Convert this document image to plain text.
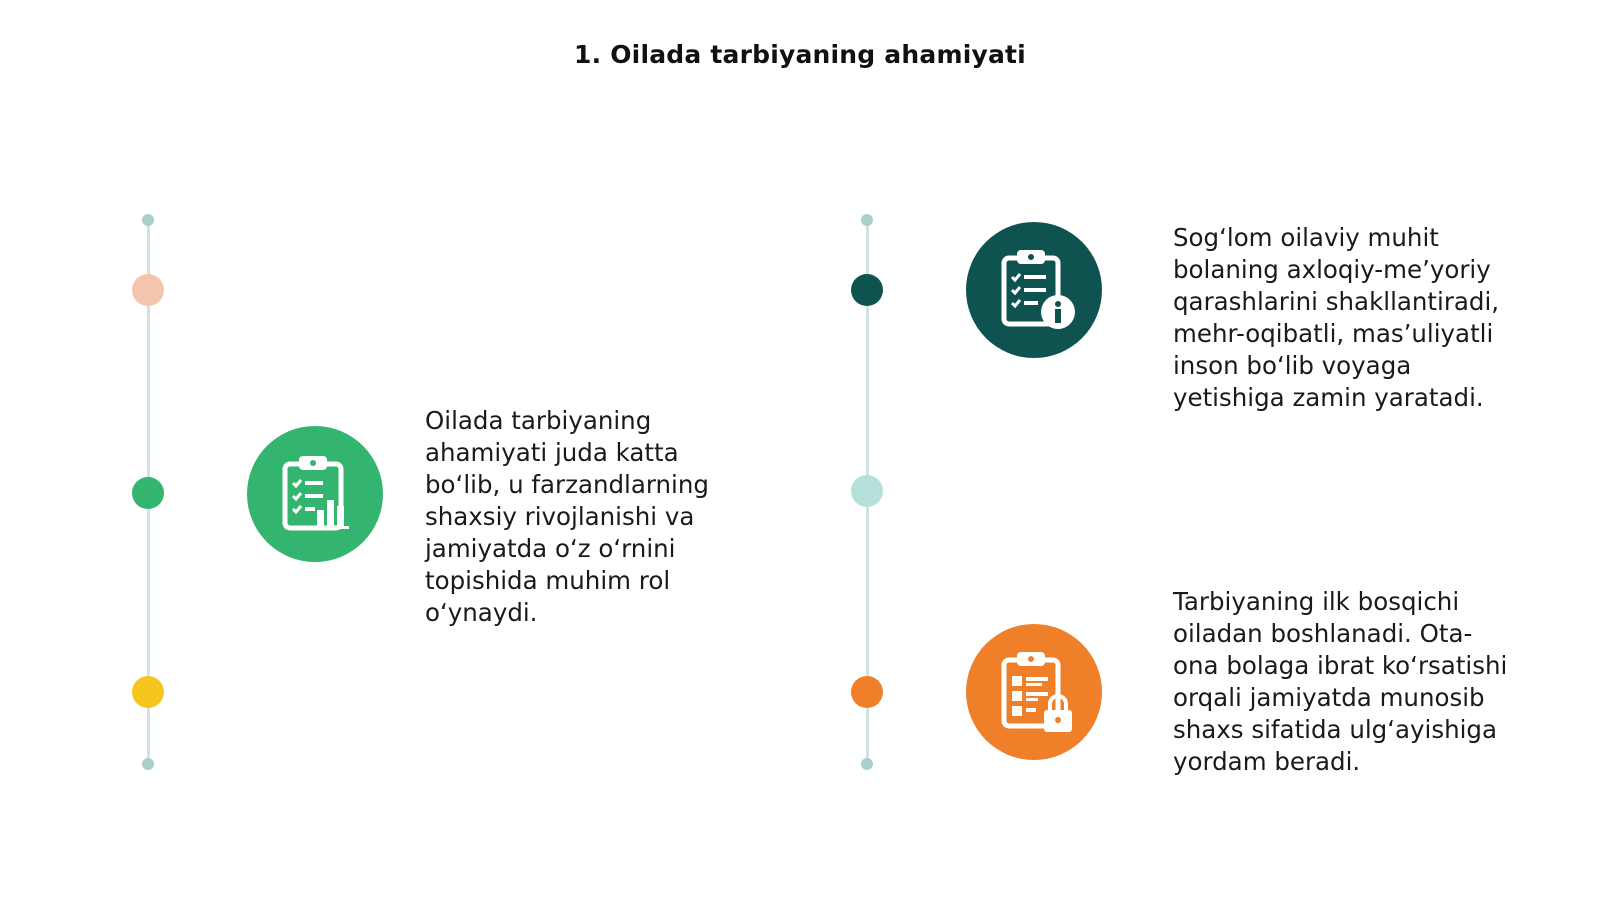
1. Oilada tarbiyaning ahamiyati
Oilada tarbiyaning
ahamiyati juda katta
bo‘lib, u farzandlarning
shaxsiy rivojlanishi va
jamiyatda o‘z o‘rnini
topishida muhim rol
o‘ynaydi.
Sog‘lom oilaviy muhit
bolaning axloqiy-me’yoriy
qarashlarini shakllantiradi,
mehr-oqibatli, mas’uliyatli
inson bo‘lib voyaga
yetishiga zamin yaratadi.
Tarbiyaning ilk bosqichi
oiladan boshlanadi. Ota-
ona bolaga ibrat ko‘rsatishi
orqali jamiyatda munosib
shaxs sifatida ulg‘ayishiga
yordam beradi.
